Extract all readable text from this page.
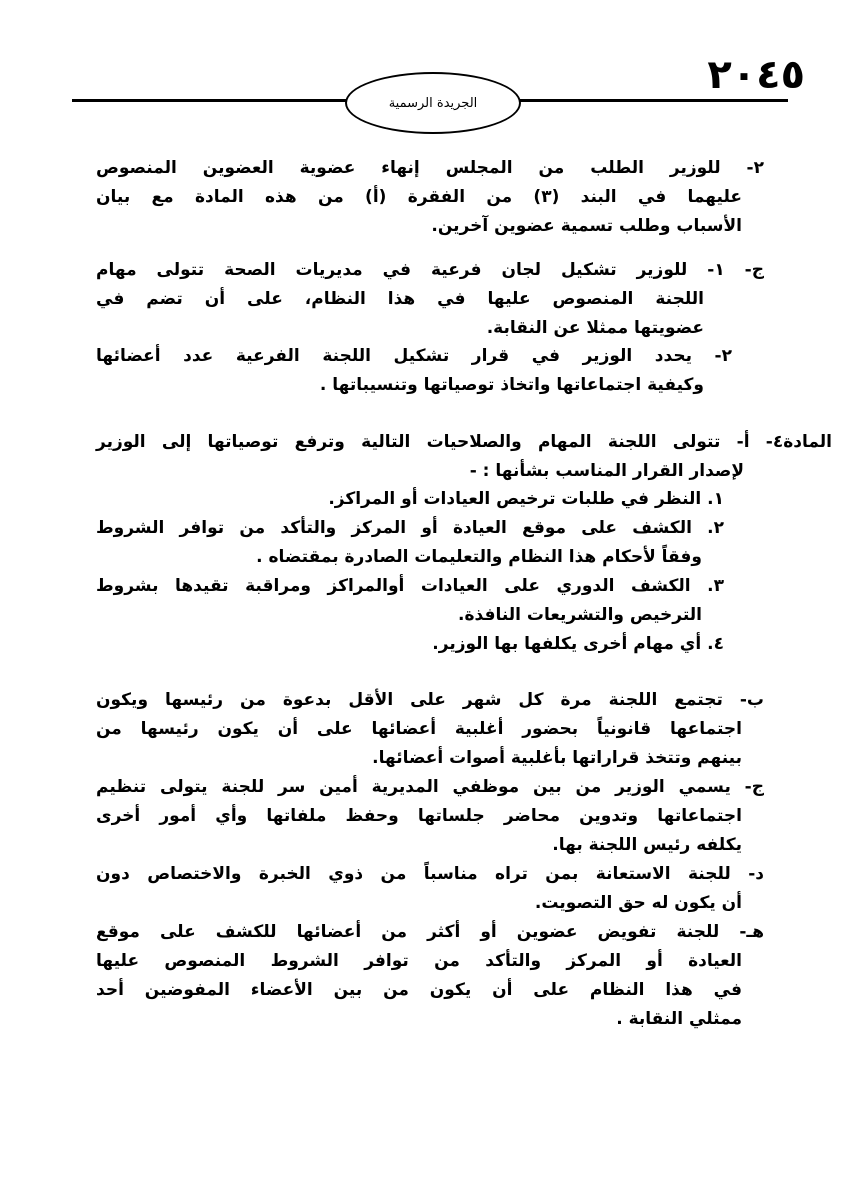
٢٠٤٥
الجريدة الرسمية
٢- للوزير الطلب من المجلس إنهاء عضوية العضوين المنصوص
عليهما في البند (٣) من الفقرة (أ) من هذه المادة مع بيان
الأسباب وطلب تسمية عضوين آخرين.
ج- ١- للوزير تشكيل لجان فرعية في مديريات الصحة تتولى مهام
اللجنة المنصوص عليها في هذا النظام، على أن تضم في
عضويتها ممثلا عن النقابة.
٢- يحدد الوزير في قرار تشكيل اللجنة الفرعية عدد أعضائها
وكيفية اجتماعاتها واتخاذ توصياتها وتنسيباتها .
المادة٤- أ- تتولى اللجنة المهام والصلاحيات التالية وترفع توصياتها إلى الوزير
لإصدار القرار المناسب بشأنها : -
١. النظر في طلبات ترخيص العيادات أو المراكز.
٢. الكشف على موقع العيادة أو المركز والتأكد من توافر الشروط
وفقاً لأحكام هذا النظام والتعليمات الصادرة بمقتضاه .
٣. الكشف الدوري على العيادات أوالمراكز ومراقبة تقيدها بشروط
الترخيص والتشريعات النافذة.
٤. أي مهام أخرى يكلفها بها الوزير.
ب- تجتمع اللجنة مرة كل شهر على الأقل بدعوة من رئيسها ويكون
اجتماعها قانونياً بحضور أغلبية أعضائها على أن يكون رئيسها من
بينهم وتتخذ قراراتها بأغلبية أصوات أعضائها.
ج- يسمي الوزير من بين موظفي المديرية أمين سر للجنة يتولى تنظيم
اجتماعاتها وتدوين محاضر جلساتها وحفظ ملفاتها وأي أمور أخرى
يكلفه رئيس اللجنة بها.
د- للجنة الاستعانة بمن تراه مناسباً من ذوي الخبرة والاختصاص دون
أن يكون له حق التصويت.
هـ- للجنة تفويض عضوين أو أكثر من أعضائها للكشف على موقع
العيادة أو المركز والتأكد من توافر الشروط المنصوص عليها
في هذا النظام على أن يكون من بين الأعضاء المفوضين أحد
ممثلي النقابة .
